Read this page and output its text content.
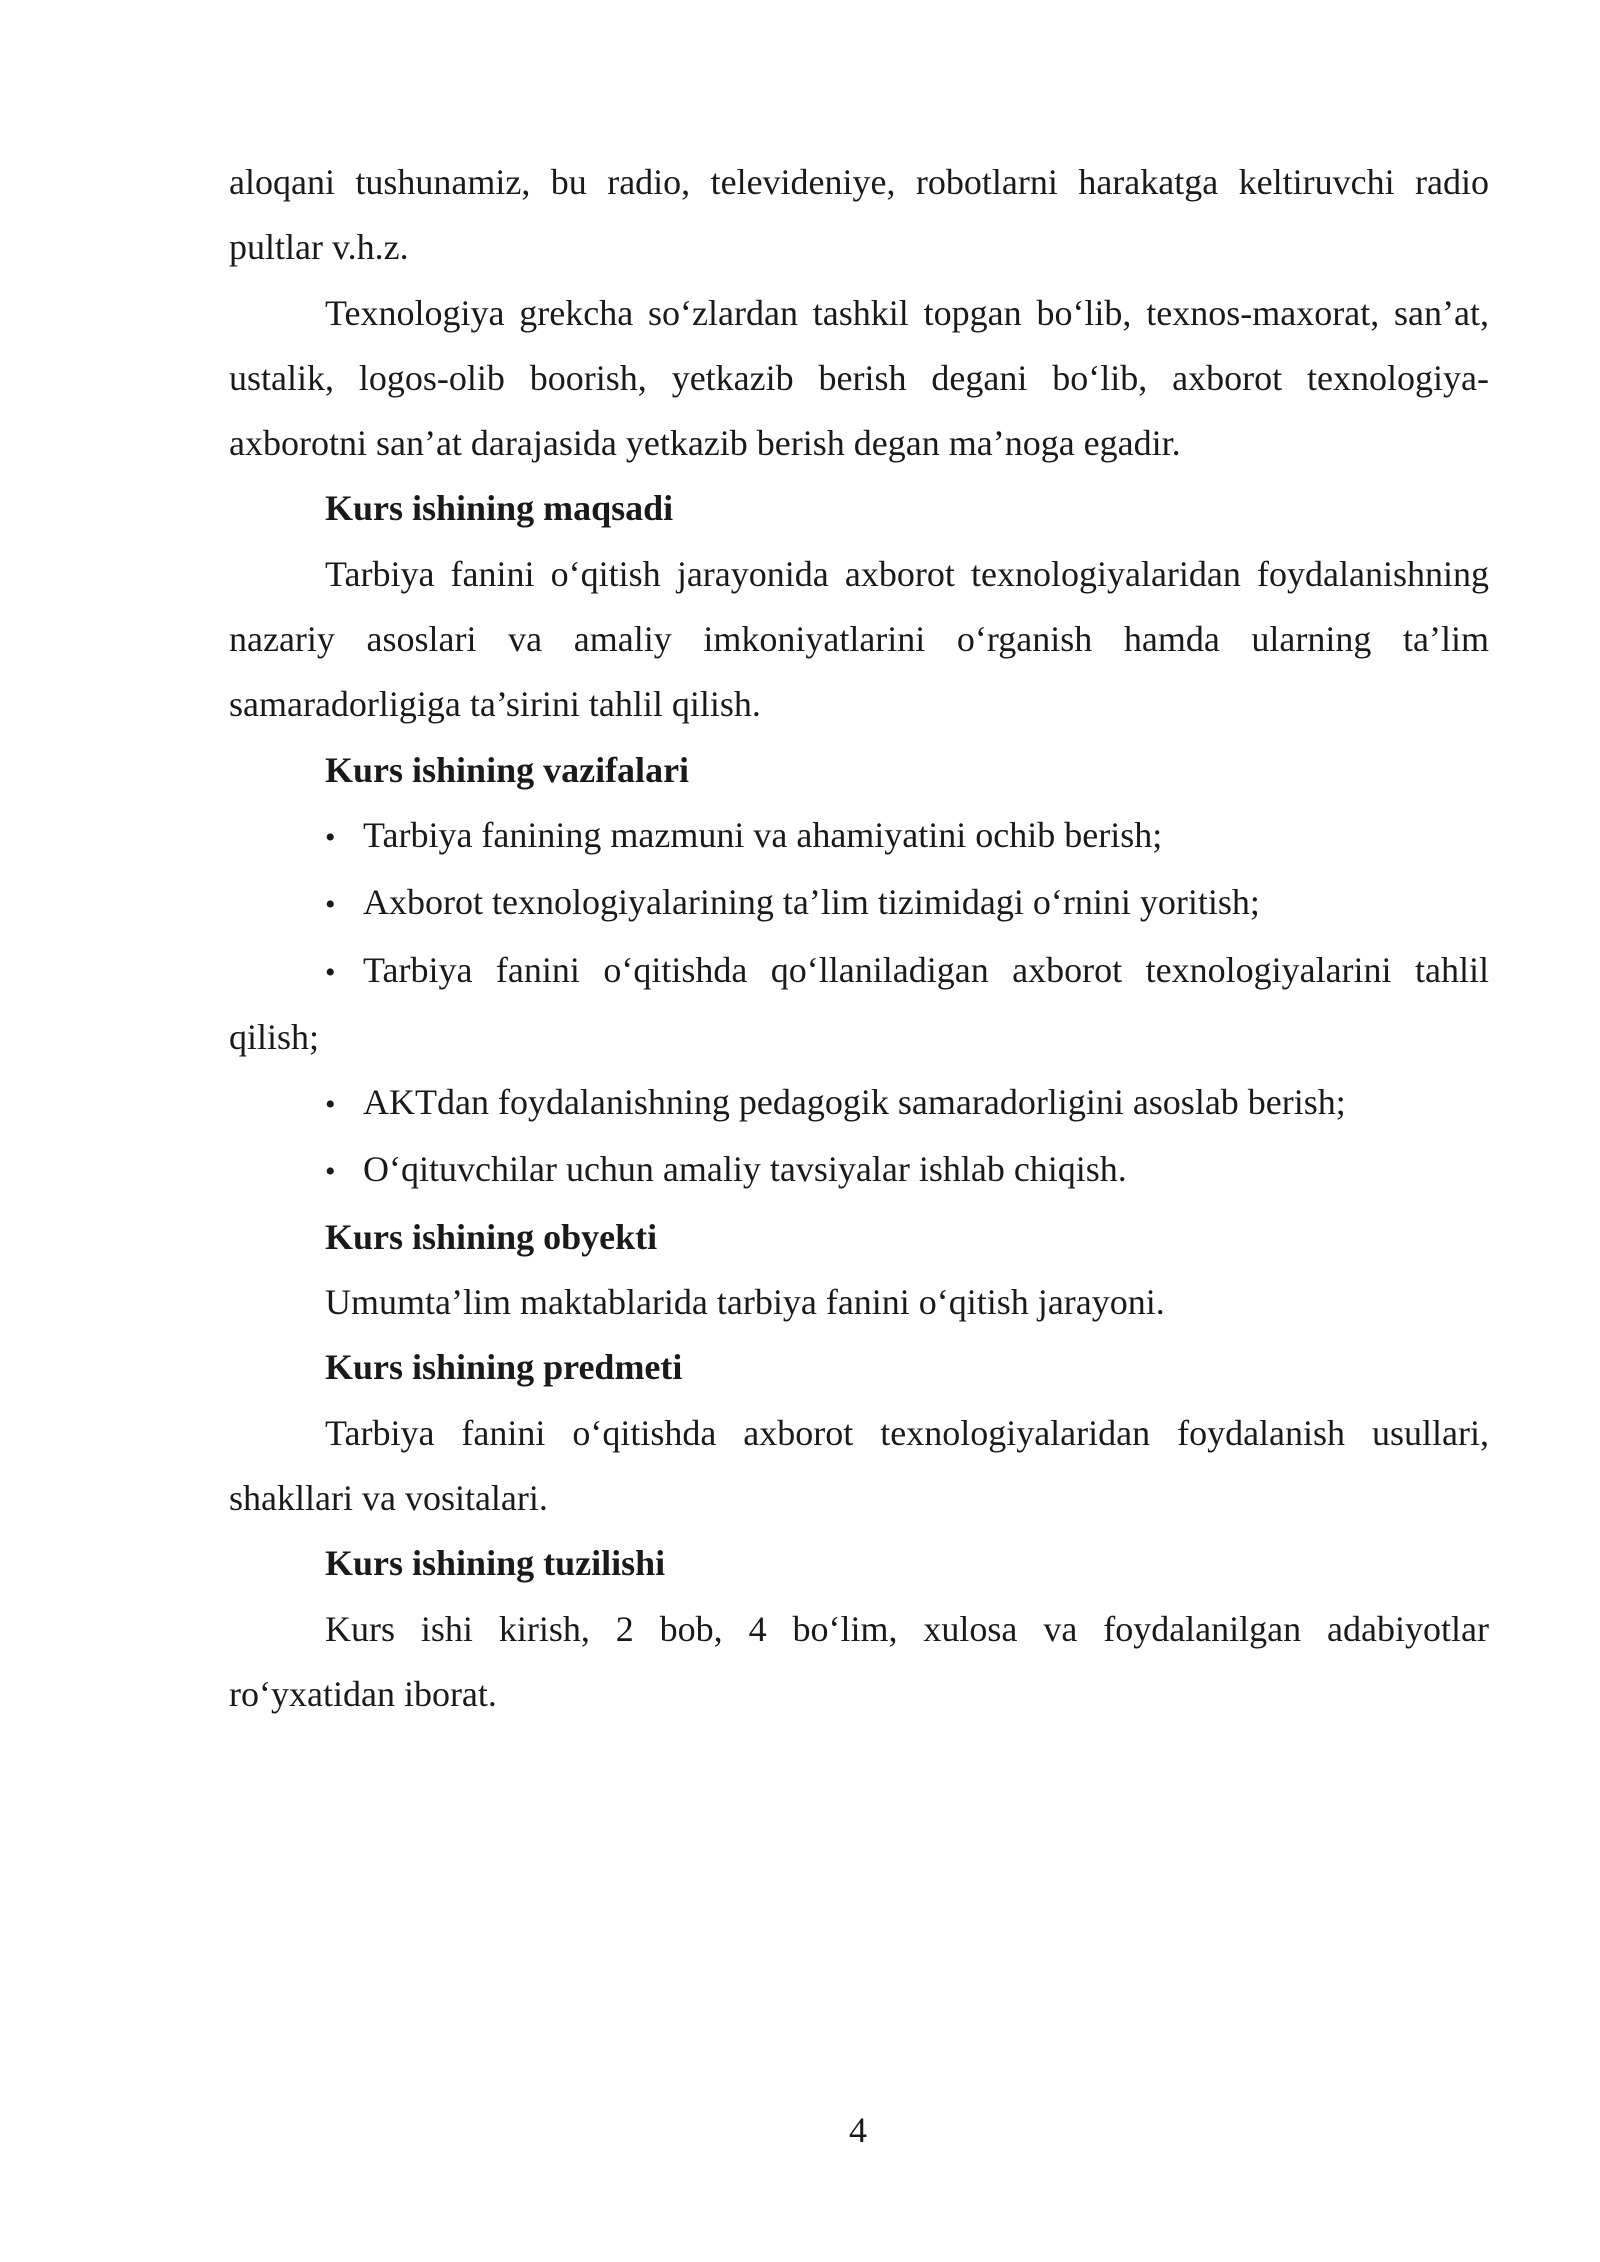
aloqani tushunamiz, bu radio, televideniye, robotlarni harakatga keltiruvchi radio pultlar v.h.z.

Texnologiya grekcha so‘zlardan tashkil topgan bo‘lib, texnos-maxorat, san’at, ustalik, logos-olib boorish, yetkazib berish degani bo‘lib, axborot texnologiya-axborotni san’at darajasida yetkazib berish degan ma’noga egadir.

Kurs ishining maqsadi

Tarbiya fanini o‘qitish jarayonida axborot texnologiyalaridan foydalanishning nazariy asoslari va amaliy imkoniyatlarini o‘rganish hamda ularning ta’lim samaradorligiga ta’sirini tahlil qilish.

Kurs ishining vazifalari

• Tarbiya fanining mazmuni va ahamiyatini ochib berish;

• Axborot texnologiyalarining ta’lim tizimidagi o‘rnini yoritish;

• Tarbiya fanini o‘qitishda qo‘llaniladigan axborot texnologiyalarini tahlil qilish;

• AKTdan foydalanishning pedagogik samaradorligini asoslab berish;

• O‘qituvchilar uchun amaliy tavsiyalar ishlab chiqish.

Kurs ishining obyekti

Umumta’lim maktablarida tarbiya fanini o‘qitish jarayoni.

Kurs ishining predmeti

Tarbiya fanini o‘qitishda axborot texnologiyalaridan foydalanish usullari, shakllari va vositalari.

Kurs ishining tuzilishi

Kurs ishi kirish, 2 bob, 4 bo‘lim, xulosa va foydalanilgan adabiyotlar ro‘yxatidan iborat.

4
